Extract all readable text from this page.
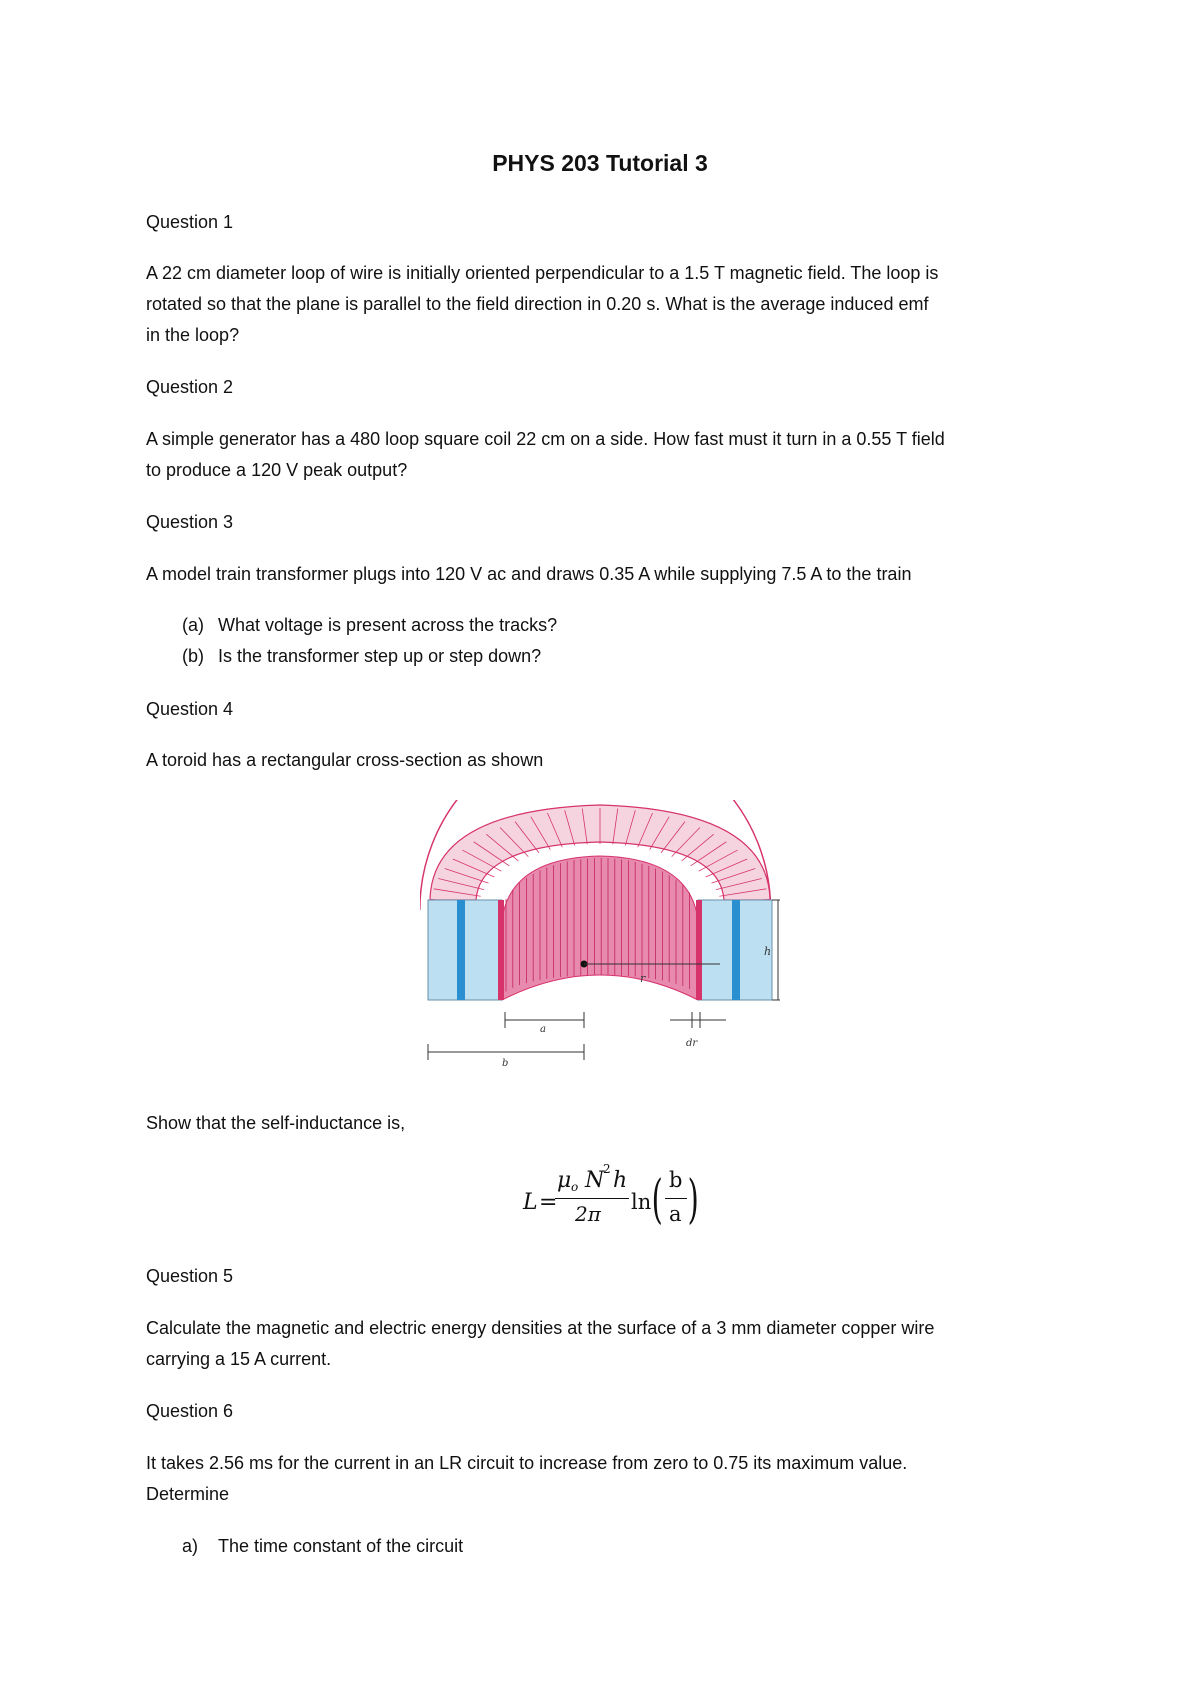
PHYS 203 Tutorial 3
Question 1
A 22 cm diameter loop of wire is initially oriented perpendicular to a 1.5 T magnetic field. The loop is
rotated so that the plane is parallel to the field direction in 0.20 s. What is the average induced emf
in the loop?
Question 2
A simple generator has a 480 loop square coil 22 cm on a side. How fast must it turn in a 0.55 T field
to produce a 120 V peak output?
Question 3
A model train transformer plugs into 120 V ac and draws 0.35 A while supplying 7.5 A to the train
(a) What voltage is present across the tracks?
(b) Is the transformer step up or step down?
Question 4
A toroid has a rectangular cross-section as shown
h
r
a
dr
b
Show that the self-inductance is,
L =
μ o N
2 h
2π ln ( b
a )
Question 5
Calculate the magnetic and electric energy densities at the surface of a 3 mm diameter copper wire
carrying a 15 A current.
Question 6
It takes 2.56 ms for the current in an LR circuit to increase from zero to 0.75 its maximum value.
Determine
a) The time constant of the circuit
